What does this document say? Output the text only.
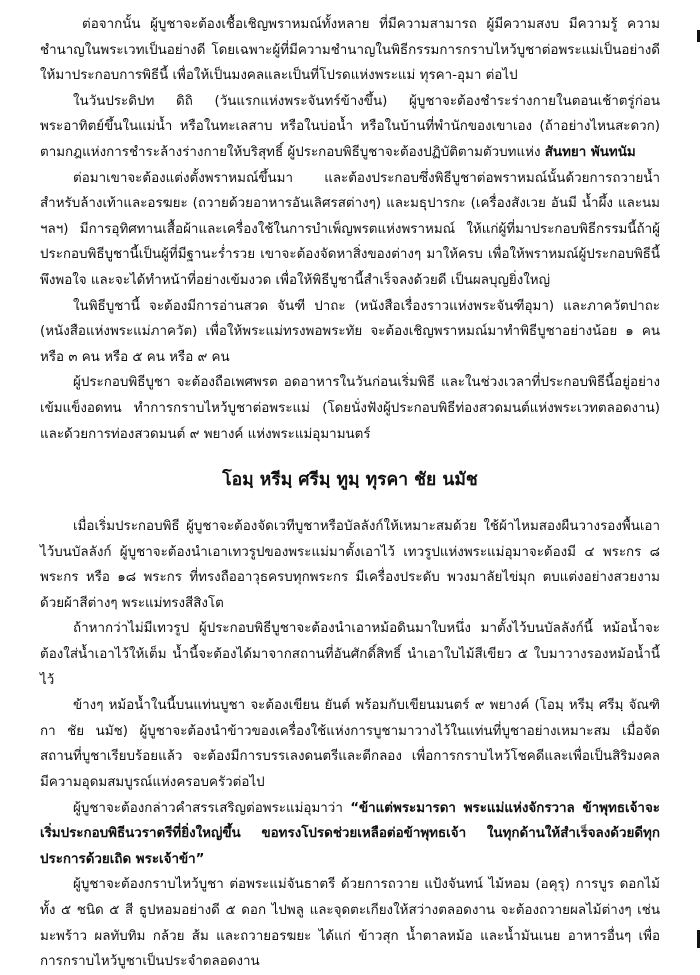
ต่อจากนั้น ผู้บูชาจะต้องเชื้อเชิญพราหมณ์ทั้งหลาย ที่มีความสามารถ ผู้มีความสงบ มีความรู้ ความชำนาญในพระเวทเป็นอย่างดี โดยเฉพาะผู้ที่มีความชำนาญในพิธีกรรมการกราบไหว้บูชาต่อพระแม่เป็นอย่างดี ให้มาประกอบการพิธีนี้ เพื่อให้เป็นมงคลและเป็นที่โปรดแห่งพระแม่ ทุรคา-อุมา ต่อไป

ในวันประดิปท ดิถิ (วันแรกแห่งพระจันทร์ข้างขึ้น) ผู้บูชาจะต้องชำระร่างกายในตอนเช้าตรู่ก่อนพระอาทิตย์ขึ้นในแม่น้ำ หรือในทะเลสาบ หรือในบ่อน้ำ หรือในบ้านที่พำนักของเขาเอง (ถ้าอย่างไหนสะดวก) ตามกฎแห่งการชำระล้างร่างกายให้บริสุทธิ์ ผู้ประกอบพิธีบูชาจะต้องปฏิบัติตามตัวบทแห่ง สันทยา พันทนัม

ต่อมาเขาจะต้องแต่งตั้งพราหมณ์ขึ้นมา และต้องประกอบซึ่งพิธีบูชาต่อพราหมณ์นั้นด้วยการถวายน้ำสำหรับล้างเท้าและอรฆยะ (ถวายด้วยอาหารอันเลิศรสต่างๆ) และมธุปารกะ (เครื่องสังเวย อันมี น้ำผึ้ง และนม ฯลฯ) มีการอุทิศทานเสื้อผ้าและเครื่องใช้ในการบำเพ็ญพรตแห่งพราหมณ์ ให้แก่ผู้ที่มาประกอบพิธีกรรมนี้ถ้าผู้ประกอบพิธีบูชานี้เป็นผู้ที่มีฐานะร่ำรวย เขาจะต้องจัดหาสิ่งของต่างๆ มาให้ครบ เพื่อให้พราหมณ์ผู้ประกอบพิธีนี้พึงพอใจ และจะได้ทำหน้าที่อย่างเข้มงวด เพื่อให้พิธีบูชานี้สำเร็จลงด้วยดี เป็นผลบุญยิ่งใหญ่

ในพิธีบูชานี้ จะต้องมีการอ่านสวด จันฑี ปาถะ (หนังสือเรื่องราวแห่งพระจันฑีอุมา) และภาควัตปาถะ (หนังสือแห่งพระแม่ภาควัต) เพื่อให้พระแม่ทรงพอพระทัย จะต้องเชิญพราหมณ์มาทำพิธีบูชาอย่างน้อย ๑ คน หรือ ๓ คน หรือ ๕ คน หรือ ๙ คน

ผู้ประกอบพิธีบูชา จะต้องถือเพศพรต อดอาหารในวันก่อนเริ่มพิธี และในช่วงเวลาที่ประกอบพิธีนี้อยู่อย่างเข้มแข็งอดทน ทำการกราบไหว้บูชาต่อพระแม่ (โดยนั่งฟังผู้ประกอบพิธีท่องสวดมนต์แห่งพระเวทตลอดงาน) และด้วยการท่องสวดมนต์ ๙ พยางค์ แห่งพระแม่อุมามนตร์

โอมฺ หรีมฺ ศรีมฺ ทูมฺ ทุรคา ชัย นมัช

เมื่อเริ่มประกอบพิธี ผู้บูชาจะต้องจัดเวทีบูชาหรือบัลลังก์ให้เหมาะสมด้วย ใช้ผ้าไหมสองผืนวางรองพื้นเอาไว้บนบัลลังก์ ผู้บูชาจะต้องนำเอาเทวรูปของพระแม่มาตั้งเอาไว้ เทวรูปแห่งพระแม่อุมาจะต้องมี ๔ พระกร ๘ พระกร หรือ ๑๘ พระกร ที่ทรงถืออาวุธครบทุกพระกร มีเครื่องประดับ พวงมาลัยไข่มุก ตบแต่งอย่างสวยงาม ด้วยผ้าสีต่างๆ พระแม่ทรงสีสิงโต

ถ้าหากว่าไม่มีเทวรูป ผู้ประกอบพิธีบูชาจะต้องนำเอาหม้อดินมาใบหนึ่ง มาตั้งไว้บนบัลลังก์นี้ หม้อน้ำจะต้องใส่น้ำเอาไว้ให้เต็ม น้ำนี้จะต้องได้มาจากสถานที่อันศักดิ์สิทธิ์ นำเอาใบไม้สีเขียว ๕ ใบมาวางรองหม้อน้ำนี้ไว้

ข้างๆ หม้อน้ำในนี้บนแท่นบูชา จะต้องเขียน ยันต์ พร้อมกับเขียนมนตร์ ๙ พยางค์ (โอมฺ หรีมฺ ศรีมฺ จัณฑิกา ชัย นมัช) ผู้บูชาจะต้องนำข้าวของเครื่องใช้แห่งการบูชามาวางไว้ในแท่นที่บูชาอย่างเหมาะสม เมื่อจัดสถานที่บูชาเรียบร้อยแล้ว จะต้องมีการบรรเลงดนตรีและตีกลอง เพื่อการกราบไหว้โชคดีและเพื่อเป็นสิริมงคล มีความอุดมสมบูรณ์แห่งครอบครัวต่อไป

ผู้บูชาจะต้องกล่าวคำสรรเสริญต่อพระแม่อุมาว่า “ข้าแต่พระมารดา พระแม่แห่งจักรวาล ข้าพุทธเจ้าจะเริ่มประกอบพิธีนวราตรีที่ยิ่งใหญ่ขึ้น ขอทรงโปรดช่วยเหลือต่อข้าพุทธเจ้า ในทุกด้านให้สำเร็จลงด้วยดีทุกประการด้วยเถิด พระเจ้าข้า”

ผู้บูชาจะต้องกราบไหว้บูชา ต่อพระแม่จันธาตรี ด้วยการถวาย แป้งจันทน์ ไม้หอม (อคุรุ) การบูร ดอกไม้ทั้ง ๕ ชนิด ๕ สี ธูปหอมอย่างดี ๕ ดอก ไปพลู และจุดตะเกียงให้สว่างตลอดงาน จะต้องถวายผลไม้ต่างๆ เช่น มะพร้าว ผลทับทิม กล้วย ส้ม และถวายอรฆยะ ได้แก่ ข้าวสุก น้ำตาลหม้อ และน้ำมันเนย อาหารอื่นๆ เพื่อการกราบไหว้บูชาเป็นประจำตลอดงาน
